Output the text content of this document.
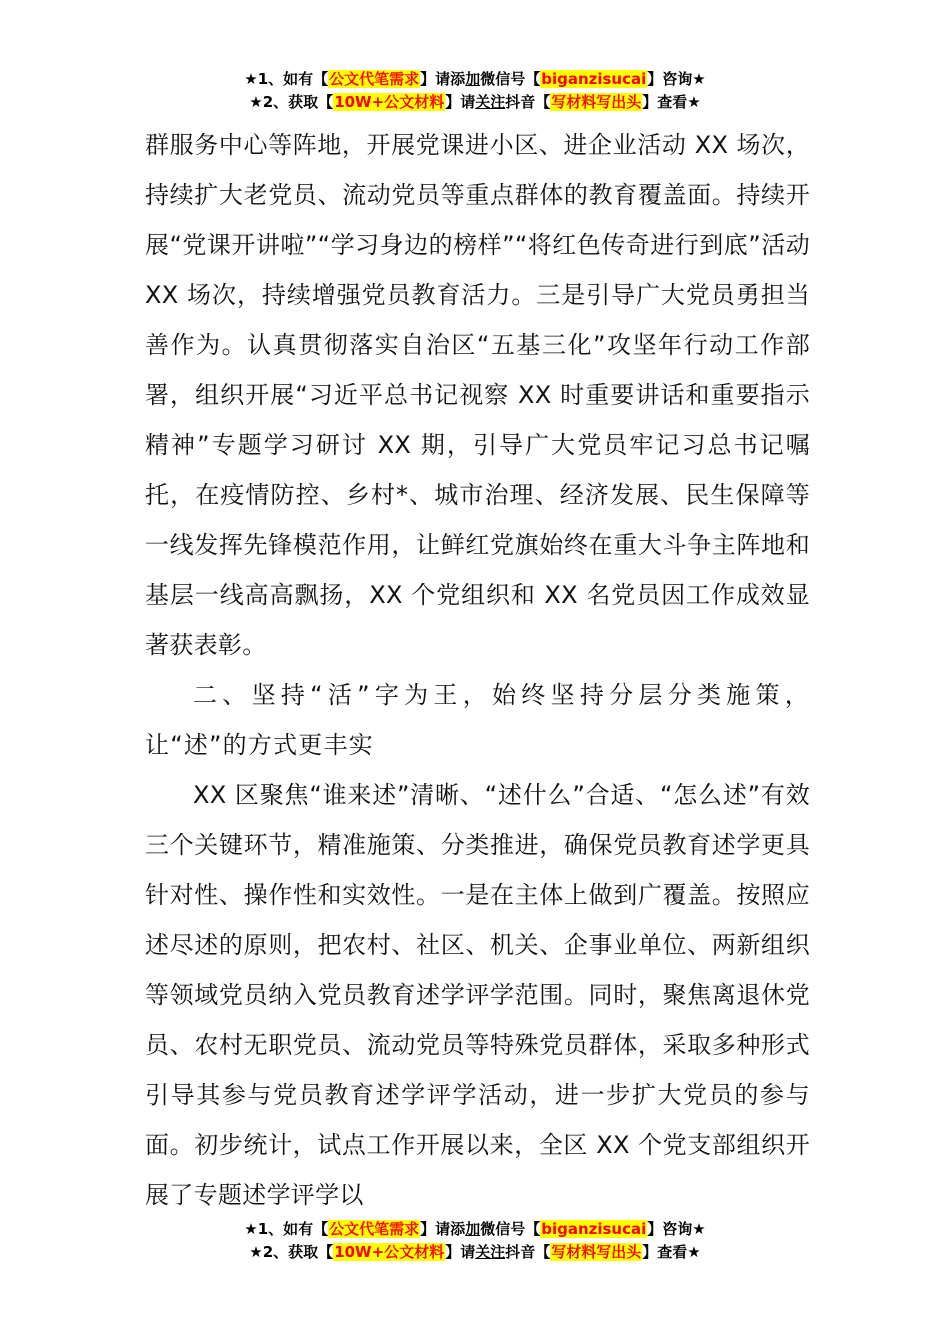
★1、如有【公文代笔需求】请添加微信号【biganzisucai】咨询★
★2、获取【10W+公文材料】请关注抖音【写材料写出头】查看★

群服务中心等阵地，开展党课进小区、进企业活动 XX 场次，持续扩大老党员、流动党员等重点群体的教育覆盖面。持续开展“党课开讲啦”“学习身边的榜样”“将红色传奇进行到底”活动 XX 场次，持续增强党员教育活力。三是引导广大党员勇担当善作为。认真贯彻落实自治区“五基三化”攻坚年行动工作部署，组织开展“习近平总书记视察 XX 时重要讲话和重要指示精神”专题学习研讨 XX 期，引导广大党员牢记习总书记嘱托，在疫情防控、乡村*、城市治理、经济发展、民生保障等一线发挥先锋模范作用，让鲜红党旗始终在重大斗争主阵地和基层一线高高飘扬，XX 个党组织和 XX 名党员因工作成效显著获表彰。

二、坚持“活”字为王，始终坚持分层分类施策，让“述”的方式更丰实

XX 区聚焦“谁来述”清晰、“述什么”合适、“怎么述”有效三个关键环节，精准施策、分类推进，确保党员教育述学更具针对性、操作性和实效性。一是在主体上做到广覆盖。按照应述尽述的原则，把农村、社区、机关、企事业单位、两新组织等领域党员纳入党员教育述学评学范围。同时，聚焦离退休党员、农村无职党员、流动党员等特殊党员群体，采取多种形式引导其参与党员教育述学评学活动，进一步扩大党员的参与面。初步统计，试点工作开展以来，全区 XX 个党支部组织开展了专题述学评学以

★1、如有【公文代笔需求】请添加微信号【biganzisucai】咨询★
★2、获取【10W+公文材料】请关注抖音【写材料写出头】查看★
